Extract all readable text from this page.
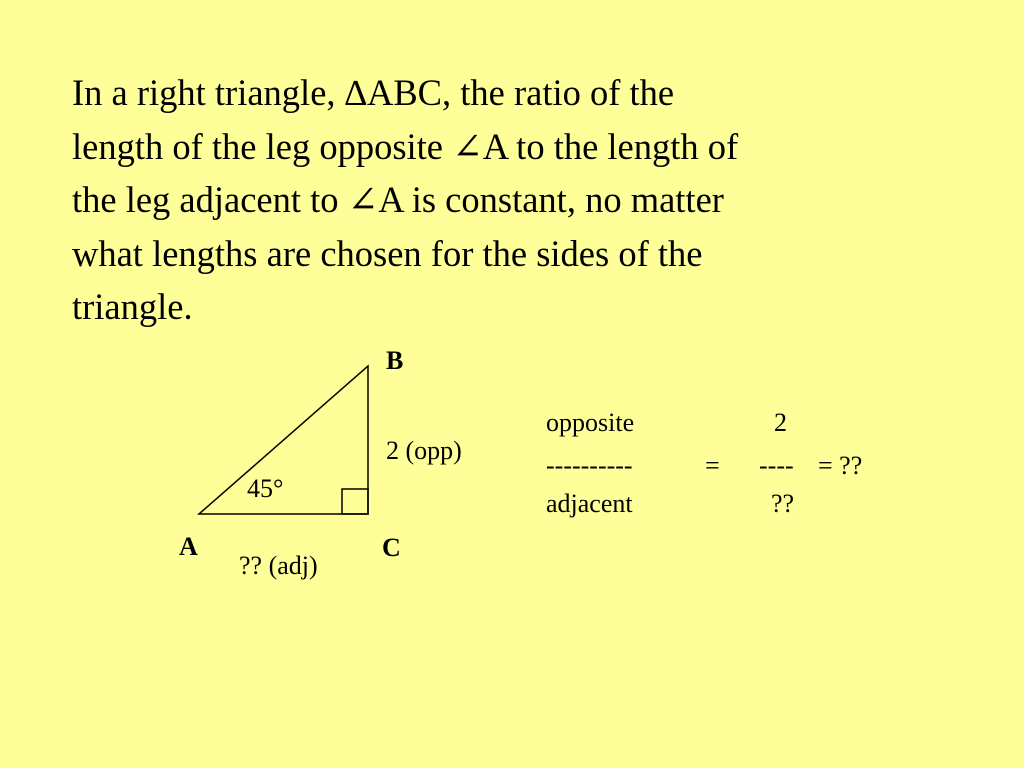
In a right triangle, ∆ABC, the ratio of the
length of the leg opposite ∠A to the length of
the leg adjacent to ∠A is constant, no matter
what lengths are chosen for the sides of the
triangle.
B
2 (opp)
45°
A	C
?? (adj)
opposite	2
----------	= ---- = ??
adjacent	??
